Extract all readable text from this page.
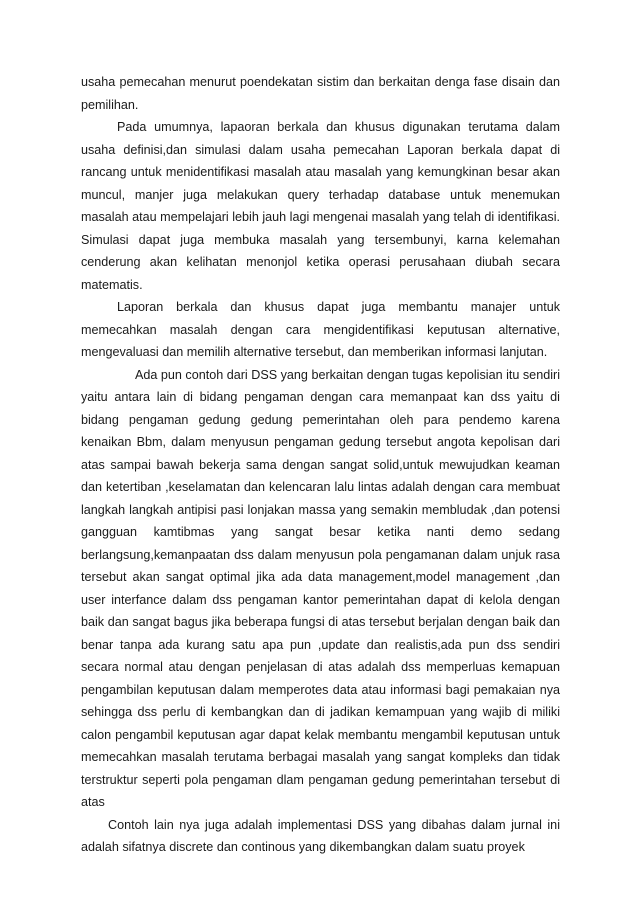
usaha pemecahan menurut poendekatan sistim dan berkaitan denga fase disain dan pemilihan.

Pada umumnya, lapaoran berkala dan khusus digunakan terutama dalam usaha definisi,dan simulasi dalam usaha pemecahan Laporan berkala dapat di rancang untuk menidentifikasi masalah atau masalah yang kemungkinan besar akan muncul, manjer juga melakukan query terhadap database untuk menemukan masalah atau mempelajari lebih jauh lagi mengenai masalah yang telah di identifikasi. Simulasi dapat juga membuka masalah yang tersembunyi, karna kelemahan cenderung akan kelihatan menonjol ketika operasi perusahaan diubah secara matematis.

Laporan berkala dan khusus dapat juga membantu manajer untuk memecahkan masalah dengan cara mengidentifikasi keputusan alternative, mengevaluasi dan memilih alternative tersebut, dan memberikan informasi lanjutan.

Ada pun contoh dari DSS yang berkaitan dengan tugas kepolisian itu sendiri yaitu antara lain di bidang pengaman dengan cara memanpaat kan dss yaitu di bidang pengaman gedung gedung pemerintahan oleh para pendemo karena kenaikan Bbm, dalam menyusun pengaman gedung tersebut angota kepolisan dari atas sampai bawah bekerja sama dengan sangat solid,untuk mewujudkan keaman dan ketertiban ,keselamatan dan kelencaran lalu lintas adalah dengan cara membuat langkah langkah antipisi pasi lonjakan massa yang semakin membludak ,dan potensi gangguan kamtibmas yang sangat besar ketika nanti demo sedang berlangsung,kemanpaatan dss dalam menyusun pola pengamanan dalam unjuk rasa tersebut akan sangat optimal jika ada data management,model management ,dan user interfance dalam dss pengaman kantor pemerintahan dapat di kelola dengan baik dan sangat bagus jika beberapa fungsi di atas tersebut berjalan dengan baik dan benar tanpa ada kurang satu apa pun ,update dan realistis,ada pun dss sendiri secara normal atau dengan penjelasan di atas adalah dss memperluas kemapuan pengambilan keputusan dalam memperotes data atau informasi bagi pemakaian nya sehingga dss perlu di kembangkan dan di jadikan kemampuan yang wajib di miliki calon pengambil keputusan agar dapat kelak membantu mengambil keputusan untuk memecahkan masalah terutama berbagai masalah yang sangat kompleks dan tidak terstruktur seperti pola pengaman dlam pengaman gedung pemerintahan tersebut di atas

Contoh lain nya juga adalah implementasi DSS yang dibahas dalam jurnal ini adalah sifatnya discrete dan continous yang dikembangkan dalam suatu proyek
